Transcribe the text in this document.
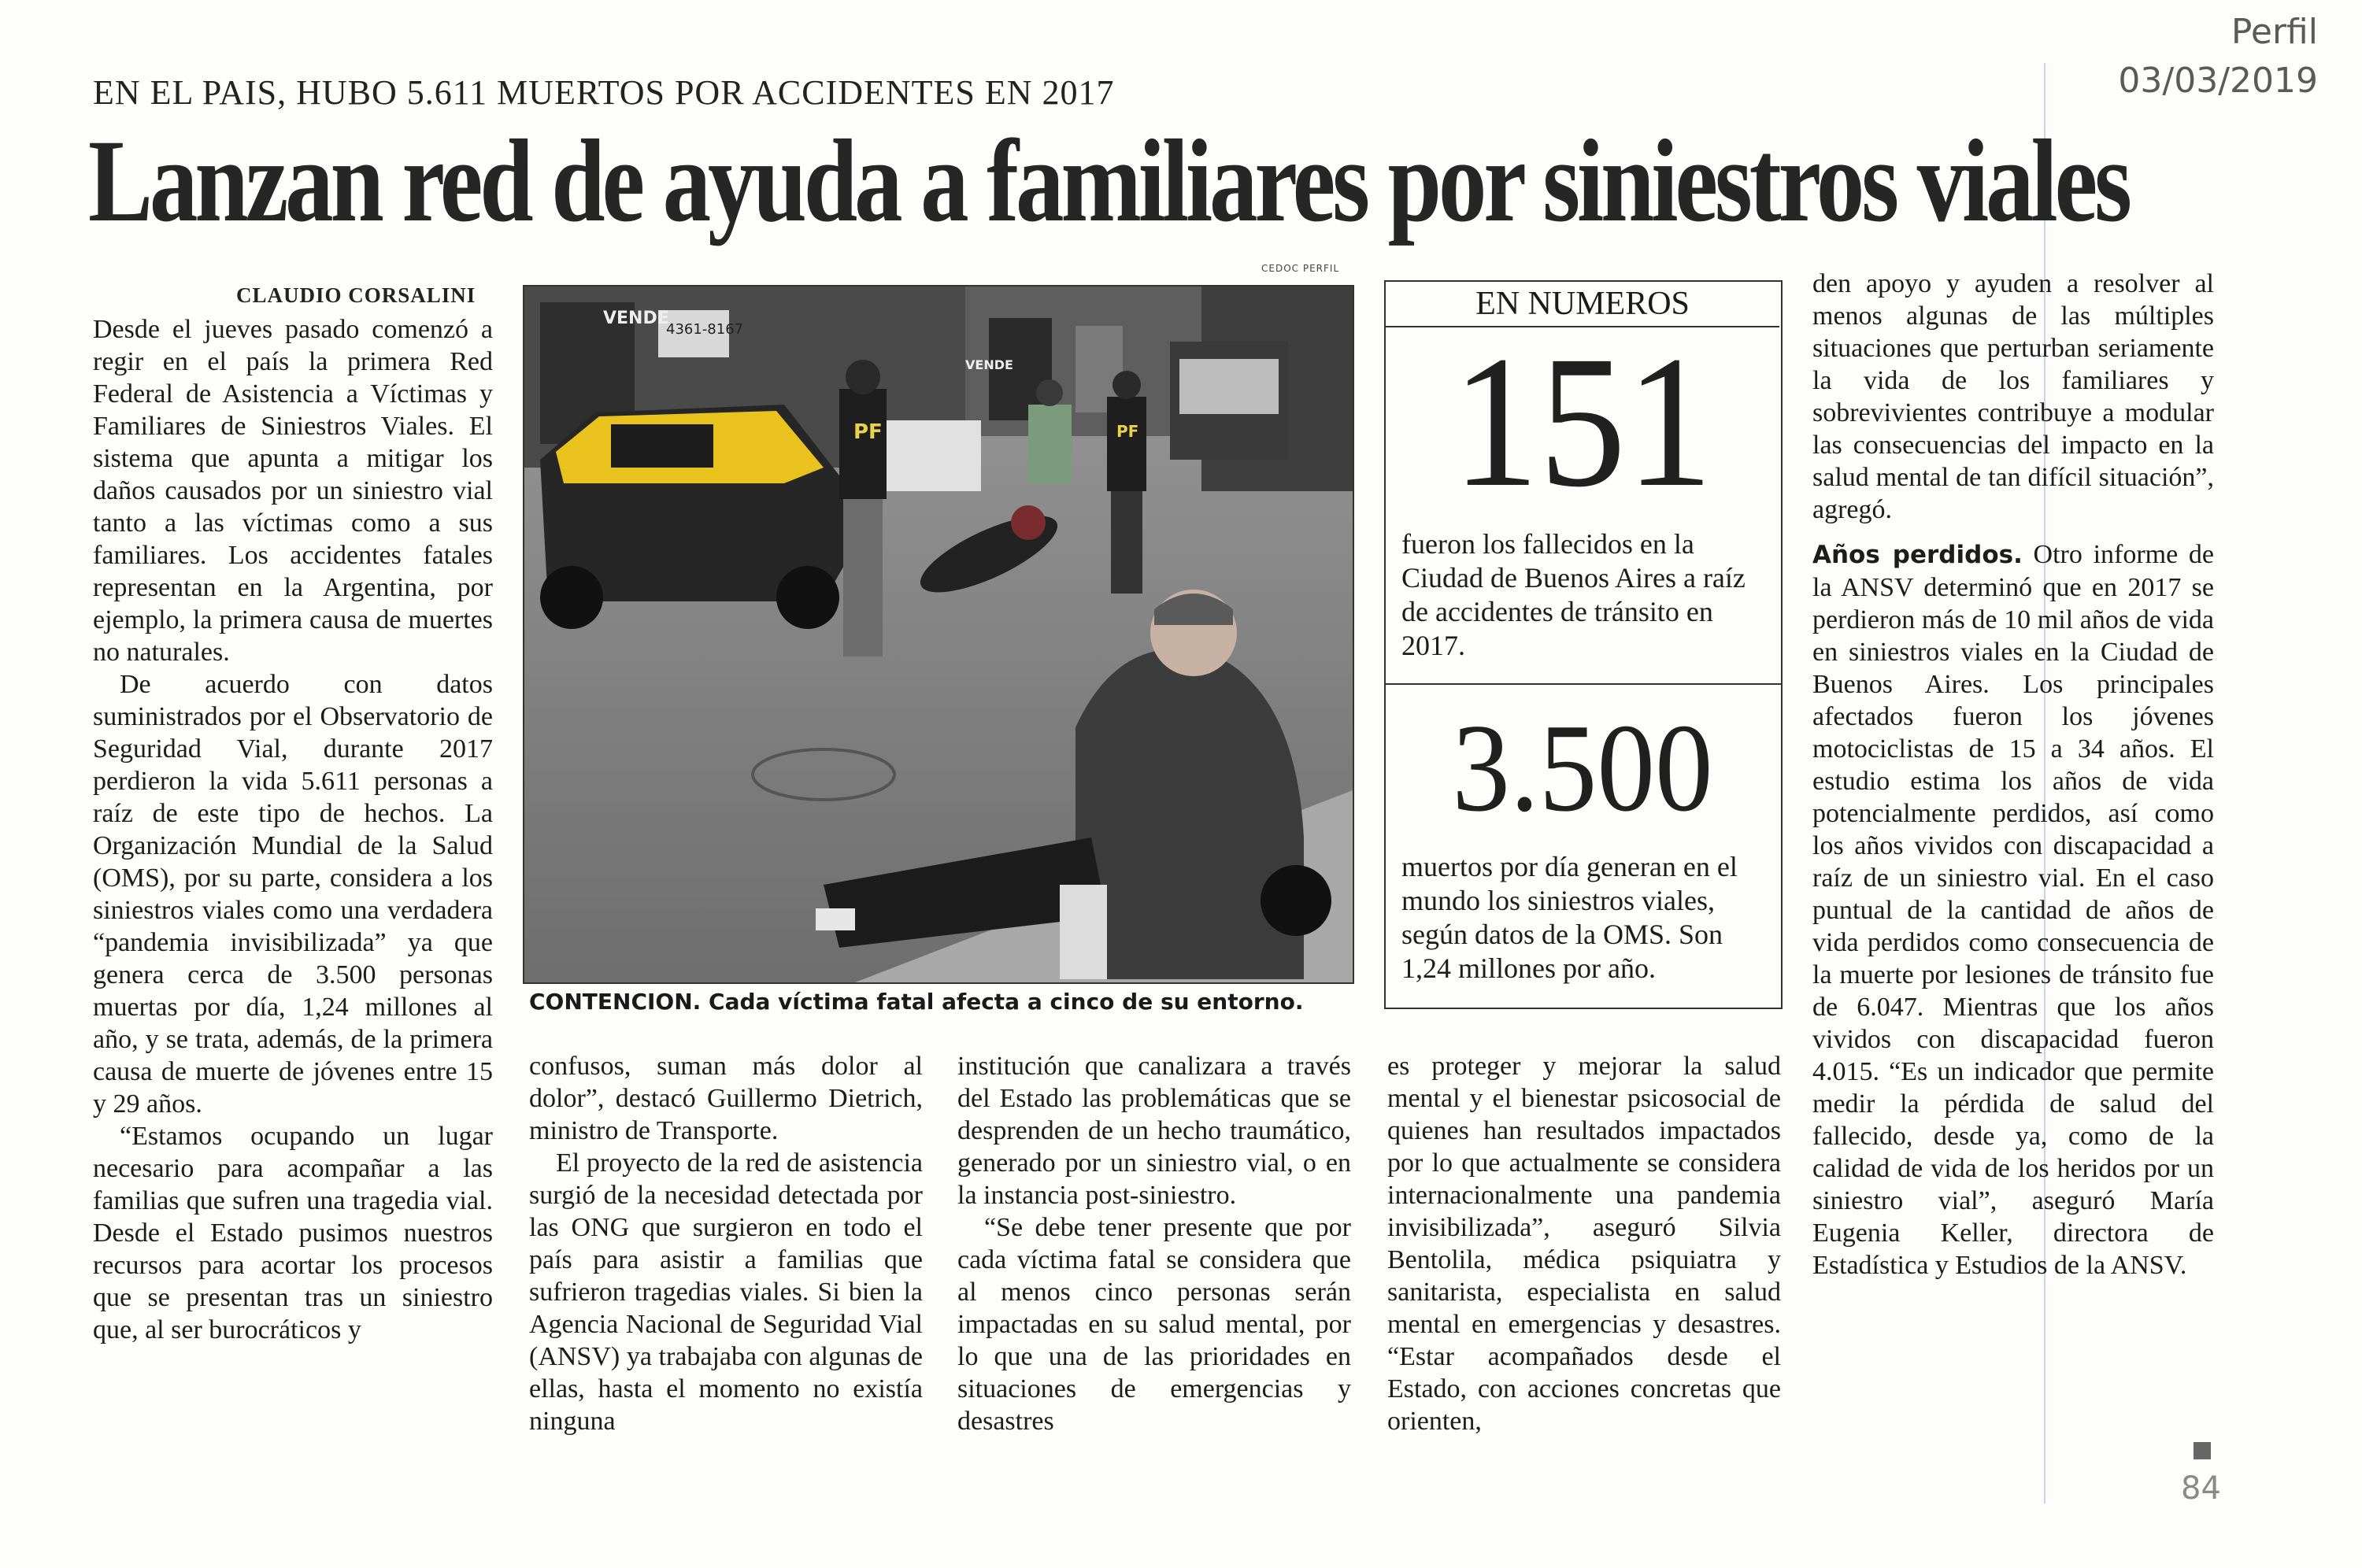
Perfil
03/03/2019
EN EL PAIS, HUBO 5.611 MUERTOS POR ACCIDENTES EN 2017
Lanzan red de ayuda a familiares por siniestros viales
CLAUDIO CORSALINI

Desde el jueves pasado comenzó a regir en el país la primera Red Federal de Asistencia a Víctimas y Familiares de Siniestros Viales. El sistema que apunta a mitigar los daños causados por un siniestro vial tanto a las víctimas como a sus familiares. Los accidentes fatales representan en la Argentina, por ejemplo, la primera causa de muertes no naturales.

De acuerdo con datos suministrados por el Observatorio de Seguridad Vial, durante 2017 perdieron la vida 5.611 personas a raíz de este tipo de hechos. La Organización Mundial de la Salud (OMS), por su parte, considera a los siniestros viales como una verdadera “pandemia invisibilizada” ya que genera cerca de 3.500 personas muertas por día, 1,24 millones al año, y se trata, además, de la primera causa de muerte de jóvenes entre 15 y 29 años.

“Estamos ocupando un lugar necesario para acompañar a las familias que sufren una tragedia vial. Desde el Estado pusimos nuestros recursos para acortar los procesos que se presentan tras un siniestro que, al ser burocráticos y

CEDOC PERFIL
4361-8167
VENDE
VENDE
PF	PF
CONTENCION. Cada víctima fatal afecta a cinco de su entorno.
EN NUMEROS
151
fueron los fallecidos en la Ciudad de Buenos Aires a raíz de accidentes de tránsito en 2017.
3.500
muertos por día generan en el mundo los siniestros viales, según datos de la OMS. Son 1,24 millones por año.

confusos, suman más dolor al dolor”, destacó Guillermo Dietrich, ministro de Transporte.

El proyecto de la red de asistencia surgió de la necesidad detectada por las ONG que surgieron en todo el país para asistir a familias que sufrieron tragedias viales. Si bien la Agencia Nacional de Seguridad Vial (ANSV) ya trabajaba con algunas de ellas, hasta el momento no existía ninguna

institución que canalizara a través del Estado las problemáticas que se desprenden de un hecho traumático, generado por un siniestro vial, o en la instancia post-siniestro.

“Se debe tener presente que por cada víctima fatal se considera que al menos cinco personas serán impactadas en su salud mental, por lo que una de las prioridades en situaciones de emergencias y desastres

es proteger y mejorar la salud mental y el bienestar psicosocial de quienes han resultados impactados por lo que actualmente se considera internacionalmente una pandemia invisibilizada”, aseguró Silvia Bentolila, médica psiquiatra y sanitarista, especialista en salud mental en emergencias y desastres. “Estar acompañados desde el Estado, con acciones concretas que orienten,

den apoyo y ayuden a resolver al menos algunas de las múltiples situaciones que perturban seriamente la vida de los familiares y sobrevivientes contribuye a modular las consecuencias del impacto en la salud mental de tan difícil situación”, agregó.

Años perdidos. Otro informe de la ANSV determinó que en 2017 se perdieron más de 10 mil años de vida en siniestros viales en la Ciudad de Buenos Aires. Los principales afectados fueron los jóvenes motociclistas de 15 a 34 años. El estudio estima los años de vida potencialmente perdidos, así como los años vividos con discapacidad a raíz de un siniestro vial. En el caso puntual de la cantidad de años de vida perdidos como consecuencia de la muerte por lesiones de tránsito fue de 6.047. Mientras que los años vividos con discapacidad fueron 4.015. “Es un indicador que permite medir la pérdida de salud del fallecido, desde ya, como de la calidad de vida de los heridos por un siniestro vial”, aseguró María Eugenia Keller, directora de Estadística y Estudios de la ANSV.

84
